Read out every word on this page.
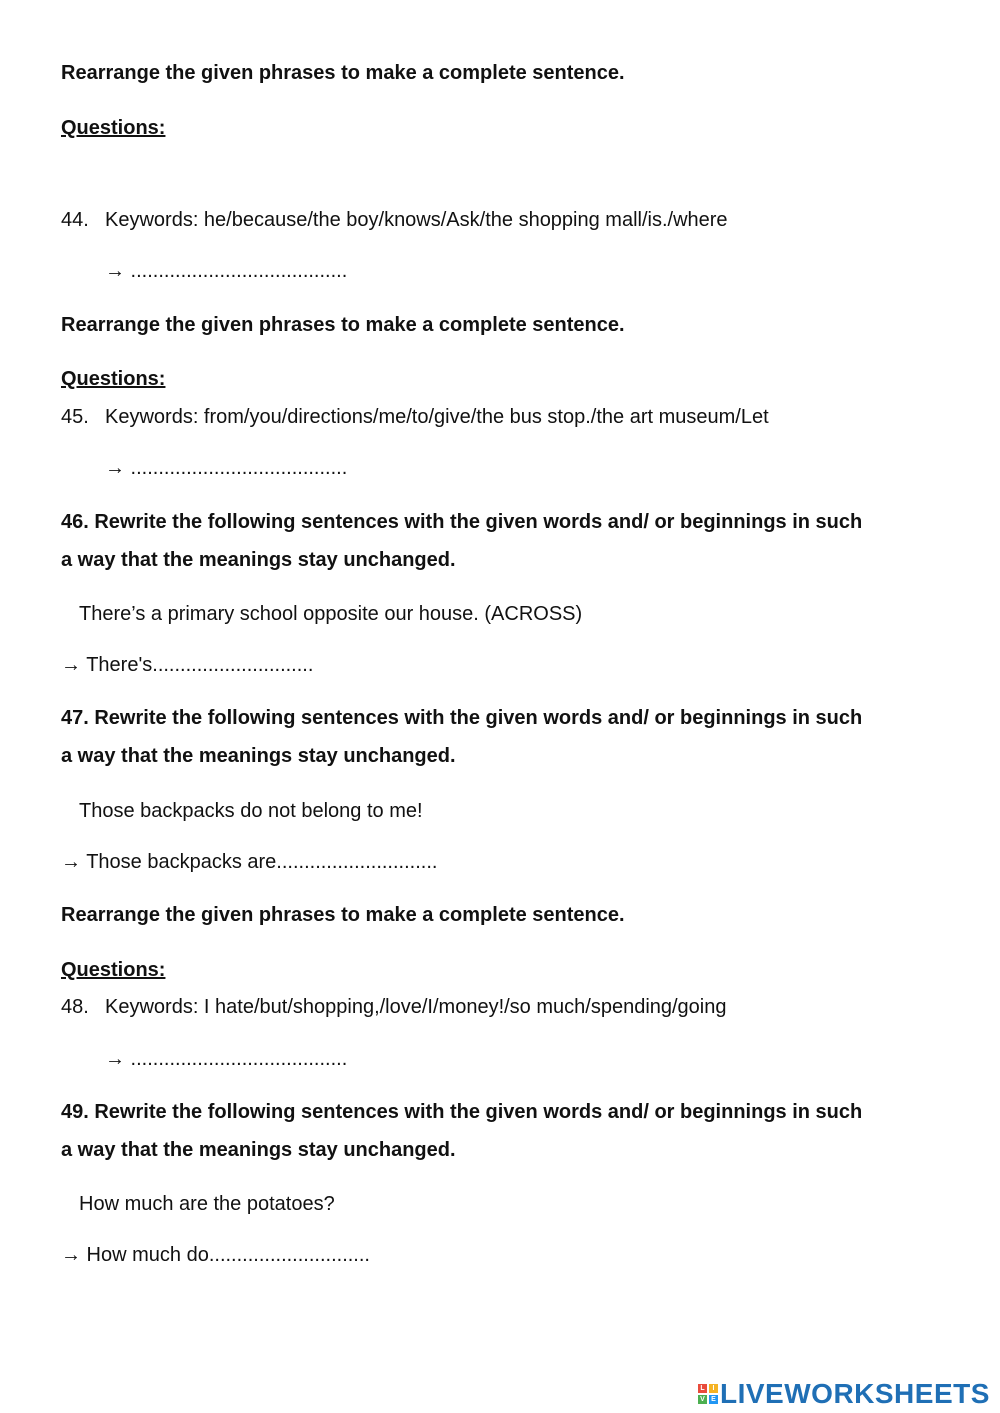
Rearrange the given phrases to make a complete sentence.
Questions:
44. Keywords: he/because/the boy/knows/Ask/the shopping mall/is./where
→ .......................................
Rearrange the given phrases to make a complete sentence.
Questions:
45. Keywords: from/you/directions/me/to/give/the bus stop./the art museum/Let
→ .......................................
46. Rewrite the following sentences with the given words and/ or beginnings in such
a way that the meanings stay unchanged.
There’s a primary school opposite our house. (ACROSS)
→ There's.............................
47. Rewrite the following sentences with the given words and/ or beginnings in such
a way that the meanings stay unchanged.
Those backpacks do not belong to me!
→ Those backpacks are.............................
Rearrange the given phrases to make a complete sentence.
Questions:
48. Keywords: I hate/but/shopping,/love/I/money!/so much/spending/going
→ .......................................
49. Rewrite the following sentences with the given words and/ or beginnings in such
a way that the meanings stay unchanged.
How much are the potatoes?
→ How much do.............................
L	I
V E LIVEWORKSHEETS
